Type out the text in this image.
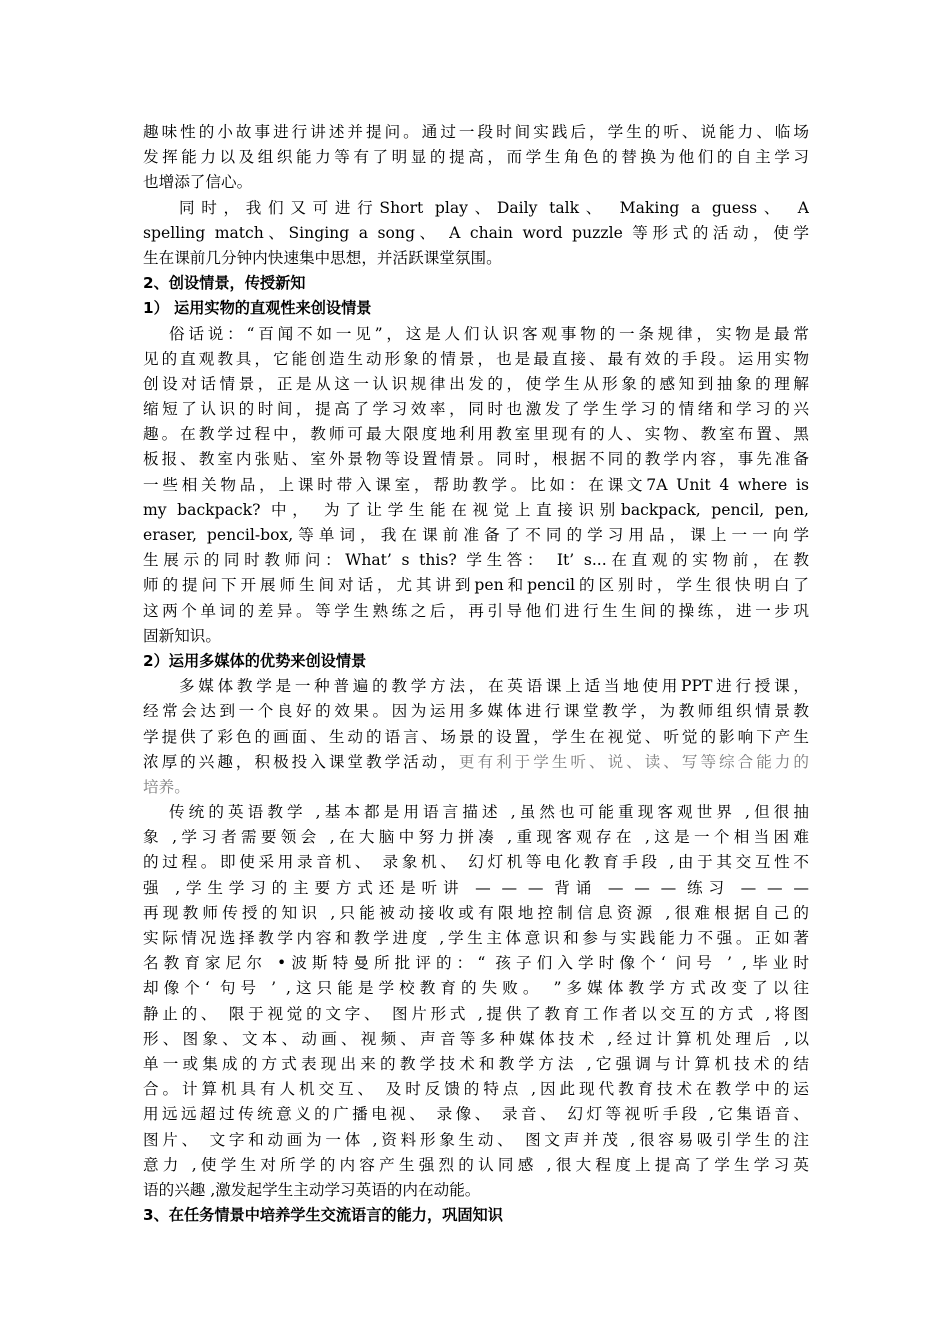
趣味性的小故事进行讲述并提问。通过一段时间实践后，学生的听、说能力、临场
发挥能力以及组织能力等有了明显的提高，而学生角色的替换为他们的自主学习
也增添了信心。
同时，我们又可进行Short play、Daily talk、 Making a guess、 A
spelling match、Singing a song、 A chain word puzzle 等形式的活动，使学
生在课前几分钟内快速集中思想，并活跃课堂氛围。
2、创设情景，传授新知
1） 运用实物的直观性来创设情景
俗话说：“百闻不如一见”，这是人们认识客观事物的一条规律，实物是最常
见的直观教具，它能创造生动形象的情景，也是最直接、最有效的手段。运用实物
创设对话情景，正是从这一认识规律出发的，使学生从形象的感知到抽象的理解
缩短了认识的时间，提高了学习效率，同时也激发了学生学习的情绪和学习的兴
趣。在教学过程中，教师可最大限度地利用教室里现有的人、实物、教室布置、黑
板报、教室内张贴、室外景物等设置情景。同时，根据不同的教学内容，事先准备
一些相关物品，上课时带入课室，帮助教学。比如：在课文7A Unit 4 where is
my backpack? 中， 为了让学生能在视觉上直接识别backpack, pencil, pen,
eraser, pencil-box,等单词，我在课前准备了不同的学习用品，课上一一向学
生展示的同时教师问：What’ s this? 学生答： It’ s...在直观的实物前，在教
师的提问下开展师生间对话，尤其讲到pen和pencil的区别时，学生很快明白了
这两个单词的差异。等学生熟练之后，再引导他们进行生生间的操练，进一步巩
固新知识。
2）运用多媒体的优势来创设情景
多媒体教学是一种普遍的教学方法，在英语课上适当地使用PPT进行授课，
经常会达到一个良好的效果。因为运用多媒体进行课堂教学，为教师组织情景教
学提供了彩色的画面、生动的语言、场景的设置，学生在视觉、听觉的影响下产生
浓厚的兴趣，积极投入课堂教学活动，更有利于学生听、说、读、写等综合能力的
培养。
传统的英语教学 ,基本都是用语言描述 ,虽然也可能重现客观世界 ,但很抽
象 ,学习者需要领会 ,在大脑中努力拼凑 ,重现客观存在 ,这是一个相当困难
的过程。即使采用录音机、 录象机、 幻灯机等电化教育手段 ,由于其交互性不
强 ,学生学习的主要方式还是听讲 — — — 背诵 — — — 练习 — — —
再现教师传授的知识 ,只能被动接收或有限地控制信息资源 ,很难根据自己的
实际情况选择教学内容和教学进度 ,学生主体意识和参与实践能力不强。正如著
名教育家尼尔 •波斯特曼所批评的：“ 孩子们入学时像个‘ 问号 ’ ,毕业时
却像个‘ 句号 ’ ,这只能是学校教育的失败。 ”多媒体教学方式改变了以往
静止的、 限于视觉的文字、 图片形式 ,提供了教育工作者以交互的方式 ,将图
形、图象、文本、动画、视频、声音等多种媒体技术 ,经过计算机处理后 ,以
单一或集成的方式表现出来的教学技术和教学方法 ,它强调与计算机技术的结
合。计算机具有人机交互、 及时反馈的特点 ,因此现代教育技术在教学中的运
用远远超过传统意义的广播电视、 录像、 录音、 幻灯等视听手段 ,它集语音、
图片、 文字和动画为一体 ,资料形象生动、 图文声并茂 ,很容易吸引学生的注
意力 ,使学生对所学的内容产生强烈的认同感 ,很大程度上提高了学生学习英
语的兴趣 ,激发起学生主动学习英语的内在动能。
3、在任务情景中培养学生交流语言的能力，巩固知识
